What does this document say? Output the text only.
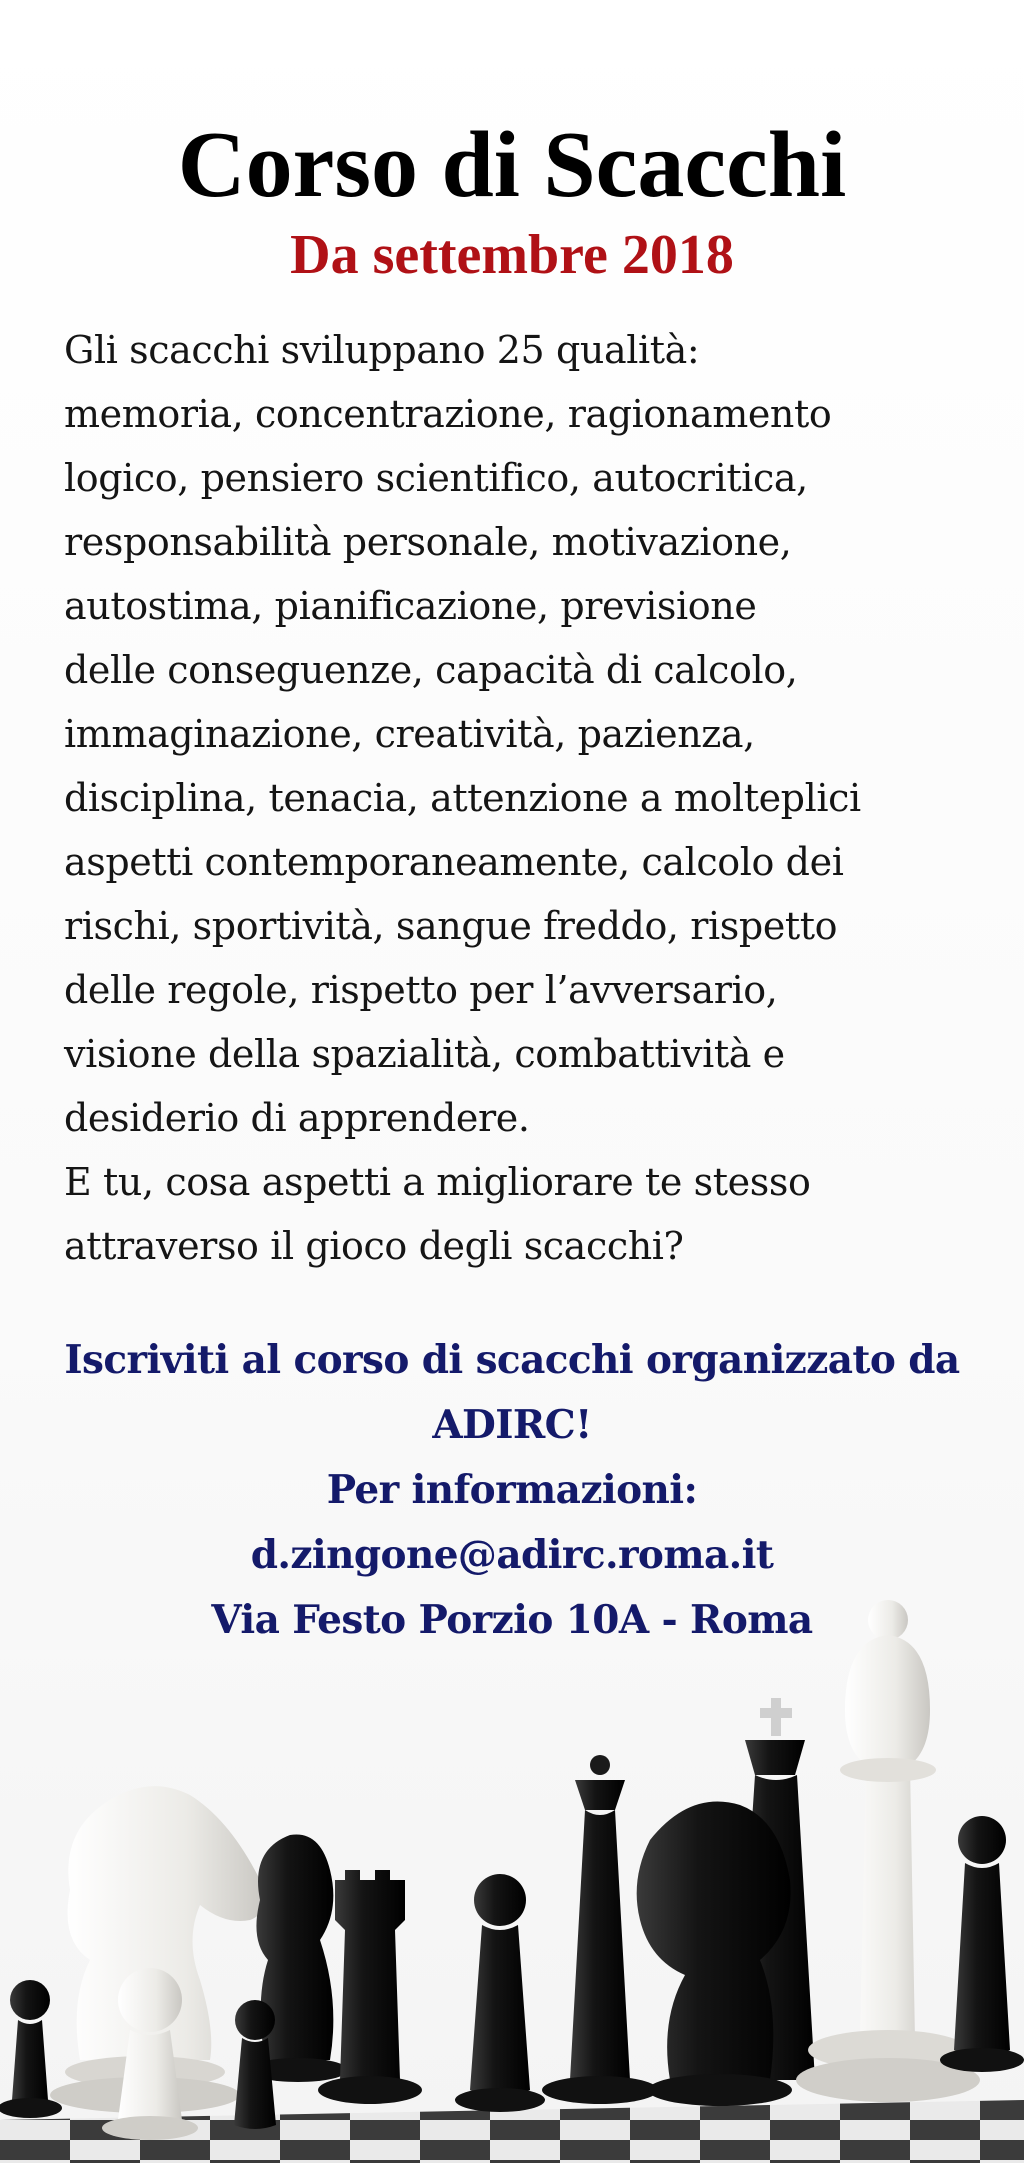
Corso di Scacchi
Da settembre 2018
Gli scacchi sviluppano 25 qualità:
memoria, concentrazione, ragionamento
logico, pensiero scientifico, autocritica,
responsabilità personale, motivazione,
autostima, pianificazione, previsione
delle conseguenze, capacità di calcolo,
immaginazione, creatività, pazienza,
disciplina, tenacia, attenzione a molteplici
aspetti contemporaneamente, calcolo dei
rischi, sportività, sangue freddo, rispetto
delle regole, rispetto per l’avversario,
visione della spazialità, combattività e
desiderio di apprendere.
E tu, cosa aspetti a migliorare te stesso
attraverso il gioco degli scacchi?
Iscriviti al corso di scacchi organizzato da
ADIRC!
Per informazioni:
d.zingone@adirc.roma.it
Via Festo Porzio 10A - Roma
